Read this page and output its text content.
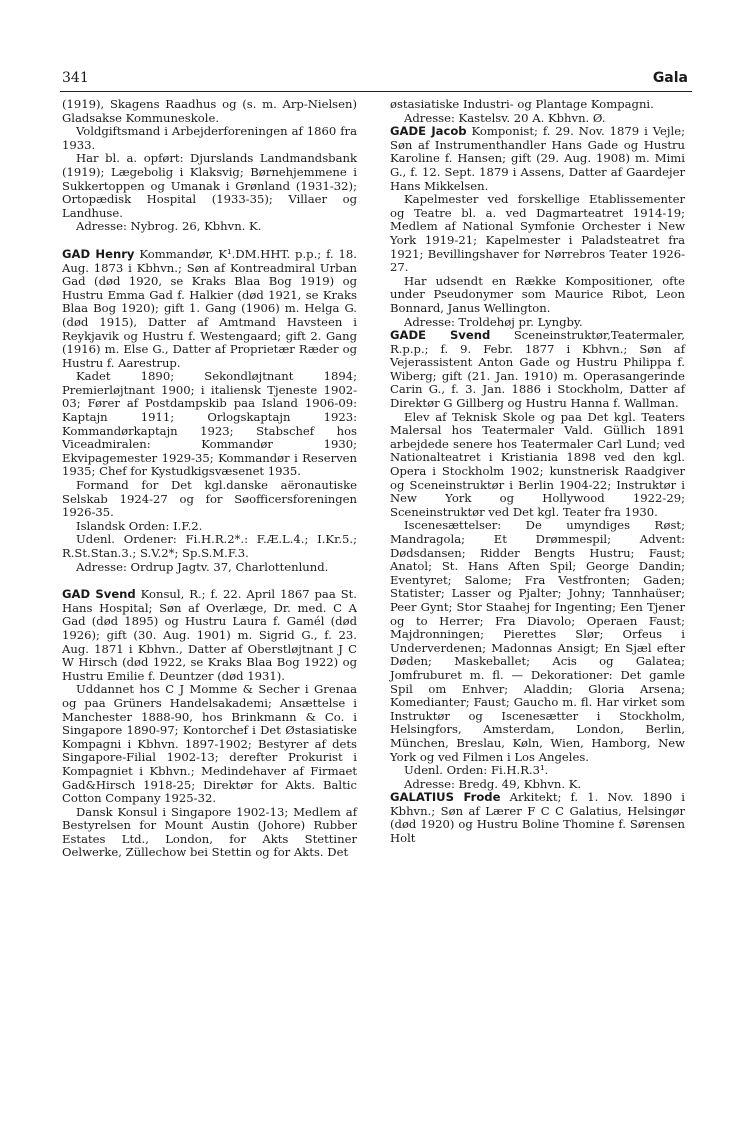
341	Gala

(1919), Skagens Raadhus og (s. m. Arp-Nielsen) Gladsakse Kommuneskole.

Voldgiftsmand i Arbejderforeningen af 1860 fra 1933.

Har bl. a. opført: Djurslands Landmandsbank (1919); Lægebolig i Klaksvig; Børnehjemmene i Sukkertoppen og Umanak i Grønland (1931-32); Ortopædisk Hospital (1933-35); Villaer og Landhuse.

Adresse: Nybrog. 26, Kbhvn. K.

GAD Henry Kommandør, K¹.DM.HHT. p.p.; f. 18. Aug. 1873 i Kbhvn.; Søn af Kontreadmiral Urban Gad (død 1920, se Kraks Blaa Bog 1919) og Hustru Emma Gad f. Halkier (død 1921, se Kraks Blaa Bog 1920); gift 1. Gang (1906) m. Helga G. (død 1915), Datter af Amtmand Havsteen i Reykjavik og Hustru f. Westengaard; gift 2. Gang (1916) m. Else G., Datter af Proprietær Ræder og Hustru f. Aarestrup.

Kadet 1890; Sekondløjtnant 1894; Premierløjtnant 1900; i italiensk Tjeneste 1902-03; Fører af Postdampskib paa Island 1906-09: Kaptajn 1911; Orlogskaptajn 1923: Kommandørkaptajn 1923; Stabschef hos Viceadmiralen: Kommandør 1930; Ekvipagemester 1929-35; Kommandør i Reserven 1935; Chef for Kystudkigsvæsenet 1935.

Formand for Det kgl.danske aëronautiske Selskab 1924-27 og for Søofficersforeningen 1926-35.

Islandsk Orden: I.F.2.

Udenl. Ordener: Fi.H.R.2*.: F.Æ.L.4.; I.Kr.5.; R.St.Stan.3.; S.V.2*; Sp.S.M.F.3.

Adresse: Ordrup Jagtv. 37, Charlottenlund.

GAD Svend Konsul, R.; f. 22. April 1867 paa St. Hans Hospital; Søn af Overlæge, Dr. med. C A Gad (død 1895) og Hustru Laura f. Gamél (død 1926); gift (30. Aug. 1901) m. Sigrid G., f. 23. Aug. 1871 i Kbhvn., Datter af Oberstløjtnant J C W Hirsch (død 1922, se Kraks Blaa Bog 1922) og Hustru Emilie f. Deuntzer (død 1931).

Uddannet hos C J Momme & Secher i Grenaa og paa Grüners Handelsakademi; Ansættelse i Manchester 1888-90, hos Brinkmann & Co. i Singapore 1890-97; Kontorchef i Det Østasiatiske Kompagni i Kbhvn. 1897-1902; Bestyrer af dets Singapore-Filial 1902-13; derefter Prokurist i Kompagniet i Kbhvn.; Medindehaver af Firmaet Gad&Hirsch 1918-25; Direktør for Akts. Baltic Cotton Company 1925-32.

Dansk Konsul i Singapore 1902-13; Medlem af Bestyrelsen for Mount Austin (Johore) Rubber Estates Ltd., London, for Akts Stettiner Oelwerke, Züllechow bei Stettin og for Akts. Det

østasiatiske Industri- og Plantage Kompagni.

Adresse: Kastelsv. 20 A. Kbhvn. Ø.

GADE Jacob Komponist; f. 29. Nov. 1879 i Vejle; Søn af Instrumenthandler Hans Gade og Hustru Karoline f. Hansen; gift (29. Aug. 1908) m. Mimi G., f. 12. Sept. 1879 i Assens, Datter af Gaardejer Hans Mikkelsen.

Kapelmester ved forskellige Etablissementer og Teatre bl. a. ved Dagmarteatret 1914-19; Medlem af National Symfonie Orchester i New York 1919-21; Kapelmester i Paladsteatret fra 1921; Bevillingshaver for Nørrebros Teater 1926-27.

Har udsendt en Række Kompositioner, ofte under Pseudonymer som Maurice Ribot, Leon Bonnard, Janus Wellington.

Adresse: Troldehøj pr. Lyngby.

GADE Svend Sceneinstruktør,Teatermaler, R.p.p.; f. 9. Febr. 1877 i Kbhvn.; Søn af Vejerassistent Anton Gade og Hustru Philippa f. Wiberg; gift (21. Jan. 1910) m. Operasangerinde Carin G., f. 3. Jan. 1886 i Stockholm, Datter af Direktør G Gillberg og Hustru Hanna f. Wallman.

Elev af Teknisk Skole og paa Det kgl. Teaters Malersal hos Teatermaler Vald. Güllich 1891 arbejdede senere hos Teatermaler Carl Lund; ved Nationalteatret i Kristiania 1898 ved den kgl. Opera i Stockholm 1902; kunstnerisk Raadgiver og Sceneinstruktør i Berlin 1904-22; Instruktør i New York og Hollywood 1922-29; Sceneinstruktør ved Det kgl. Teater fra 1930.

Iscenesættelser: De umyndiges Røst; Mandragola; Et Drømmespil; Advent: Dødsdansen; Ridder Bengts Hustru; Faust; Anatol; St. Hans Aften Spil; George Dandin; Eventyret; Salome; Fra Vestfronten; Gaden; Statister; Lasser og Pjalter; Johny; Tannhaüser; Peer Gynt; Stor Staahej for Ingenting; Een Tjener og to Herrer; Fra Diavolo; Operaen Faust; Majdronningen; Pierettes Slør; Orfeus i Underverdenen; Madonnas Ansigt; En Sjæl efter Døden; Maskeballet; Acis og Galatea; Jomfruburet m. fl. — Dekorationer: Det gamle Spil om Enhver; Aladdin; Gloria Arsena; Komedianter; Faust; Gaucho m. fl. Har virket som Instruktør og Iscenesætter i Stockholm, Helsingfors, Amsterdam, London, Berlin, München, Breslau, Køln, Wien, Hamborg, New York og ved Filmen i Los Angeles.

Udenl. Orden: Fi.H.R.3¹.

Adresse: Bredg. 49, Kbhvn. K.

GALATIUS Frode Arkitekt; f. 1. Nov. 1890 i Kbhvn.; Søn af Lærer F C C Galatius, Helsingør (død 1920) og Hustru Boline Thomine f. Sørensen Holt
